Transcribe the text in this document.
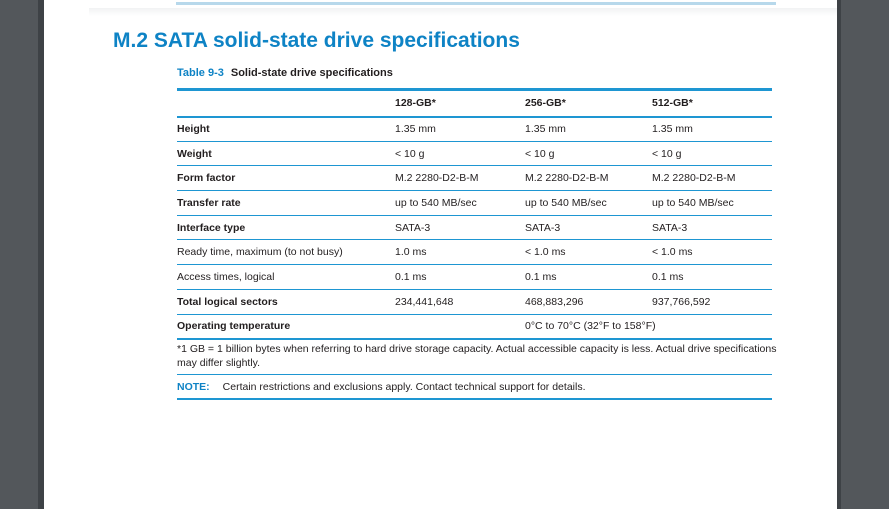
M.2 SATA solid-state drive specifications
Table 9-3 Solid-state drive specifications
	128-GB*	256-GB*	512-GB*
Height	1.35 mm	1.35 mm	1.35 mm
Weight	< 10 g	< 10 g	< 10 g
Form factor	M.2 2280-D2-B-M	M.2 2280-D2-B-M	M.2 2280-D2-B-M
Transfer rate	up to 540 MB/sec	up to 540 MB/sec	up to 540 MB/sec
Interface type	SATA-3	SATA-3	SATA-3
Ready time, maximum (to not busy)	1.0 ms	< 1.0 ms	< 1.0 ms
Access times, logical	0.1 ms	0.1 ms	0.1 ms
Total logical sectors	234,441,648	468,883,296	937,766,592
Operating temperature		0°C to 70°C (32°F to 158°F)	
*1 GB = 1 billion bytes when referring to hard drive storage capacity. Actual accessible capacity is less. Actual drive specifications may differ slightly.
NOTE: Certain restrictions and exclusions apply. Contact technical support for details.
